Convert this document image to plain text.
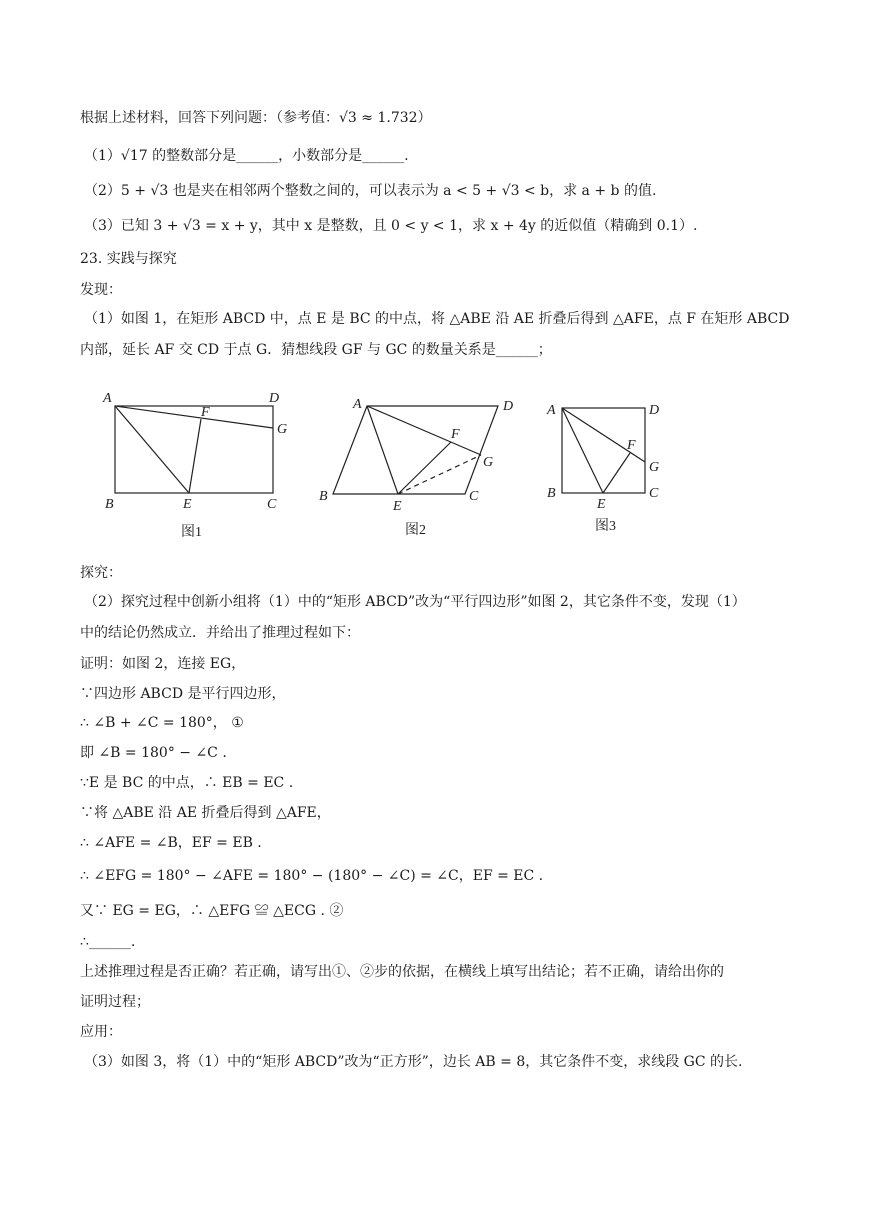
根据上述材料，回答下列问题：（参考值：√3 ≈ 1.732）
（1）√17 的整数部分是______，小数部分是______.
（2）5 + √3 也是夹在相邻两个整数之间的，可以表示为 a < 5 + √3 < b，求 a + b 的值.
（3）已知 3 + √3 = x + y，其中 x 是整数，且 0 < y < 1，求 x + 4y 的近似值（精确到 0.1）.
23. 实践与探究
发现：
（1）如图 1，在矩形 ABCD 中，点 E 是 BC 的中点，将 △ABE 沿 AE 折叠后得到 △AFE，点 F 在矩形 ABCD
内部，延长 AF 交 CD 于点 G．猜想线段 GF 与 GC 的数量关系是______；
A	D
F
G
B	E	C
图1
A	D
F
G
B
E
C
图2
A	D
F
G
B
E
C
图3
探究：
（2）探究过程中创新小组将（1）中的“矩形 ABCD”改为“平行四边形”如图 2，其它条件不变，发现（1）
中的结论仍然成立．并给出了推理过程如下：
证明：如图 2，连接 EG，
∵四边形 ABCD 是平行四边形，
∴ ∠B + ∠C = 180°， ①
即 ∠B = 180° − ∠C .
∵E 是 BC 的中点，∴ EB = EC .
∵将 △ABE 沿 AE 折叠后得到 △AFE，
∴ ∠AFE = ∠B，EF = EB .
∴ ∠EFG = 180° − ∠AFE = 180° − (180° − ∠C) = ∠C，EF = EC .
又∵ EG = EG，∴ △EFG ≌ △ECG . ②
∴______.
上述推理过程是否正确？若正确，请写出①、②步的依据，在横线上填写出结论；若不正确，请给出你的
证明过程；
应用：
（3）如图 3，将（1）中的“矩形 ABCD”改为“正方形”，边长 AB = 8，其它条件不变，求线段 GC 的长.
